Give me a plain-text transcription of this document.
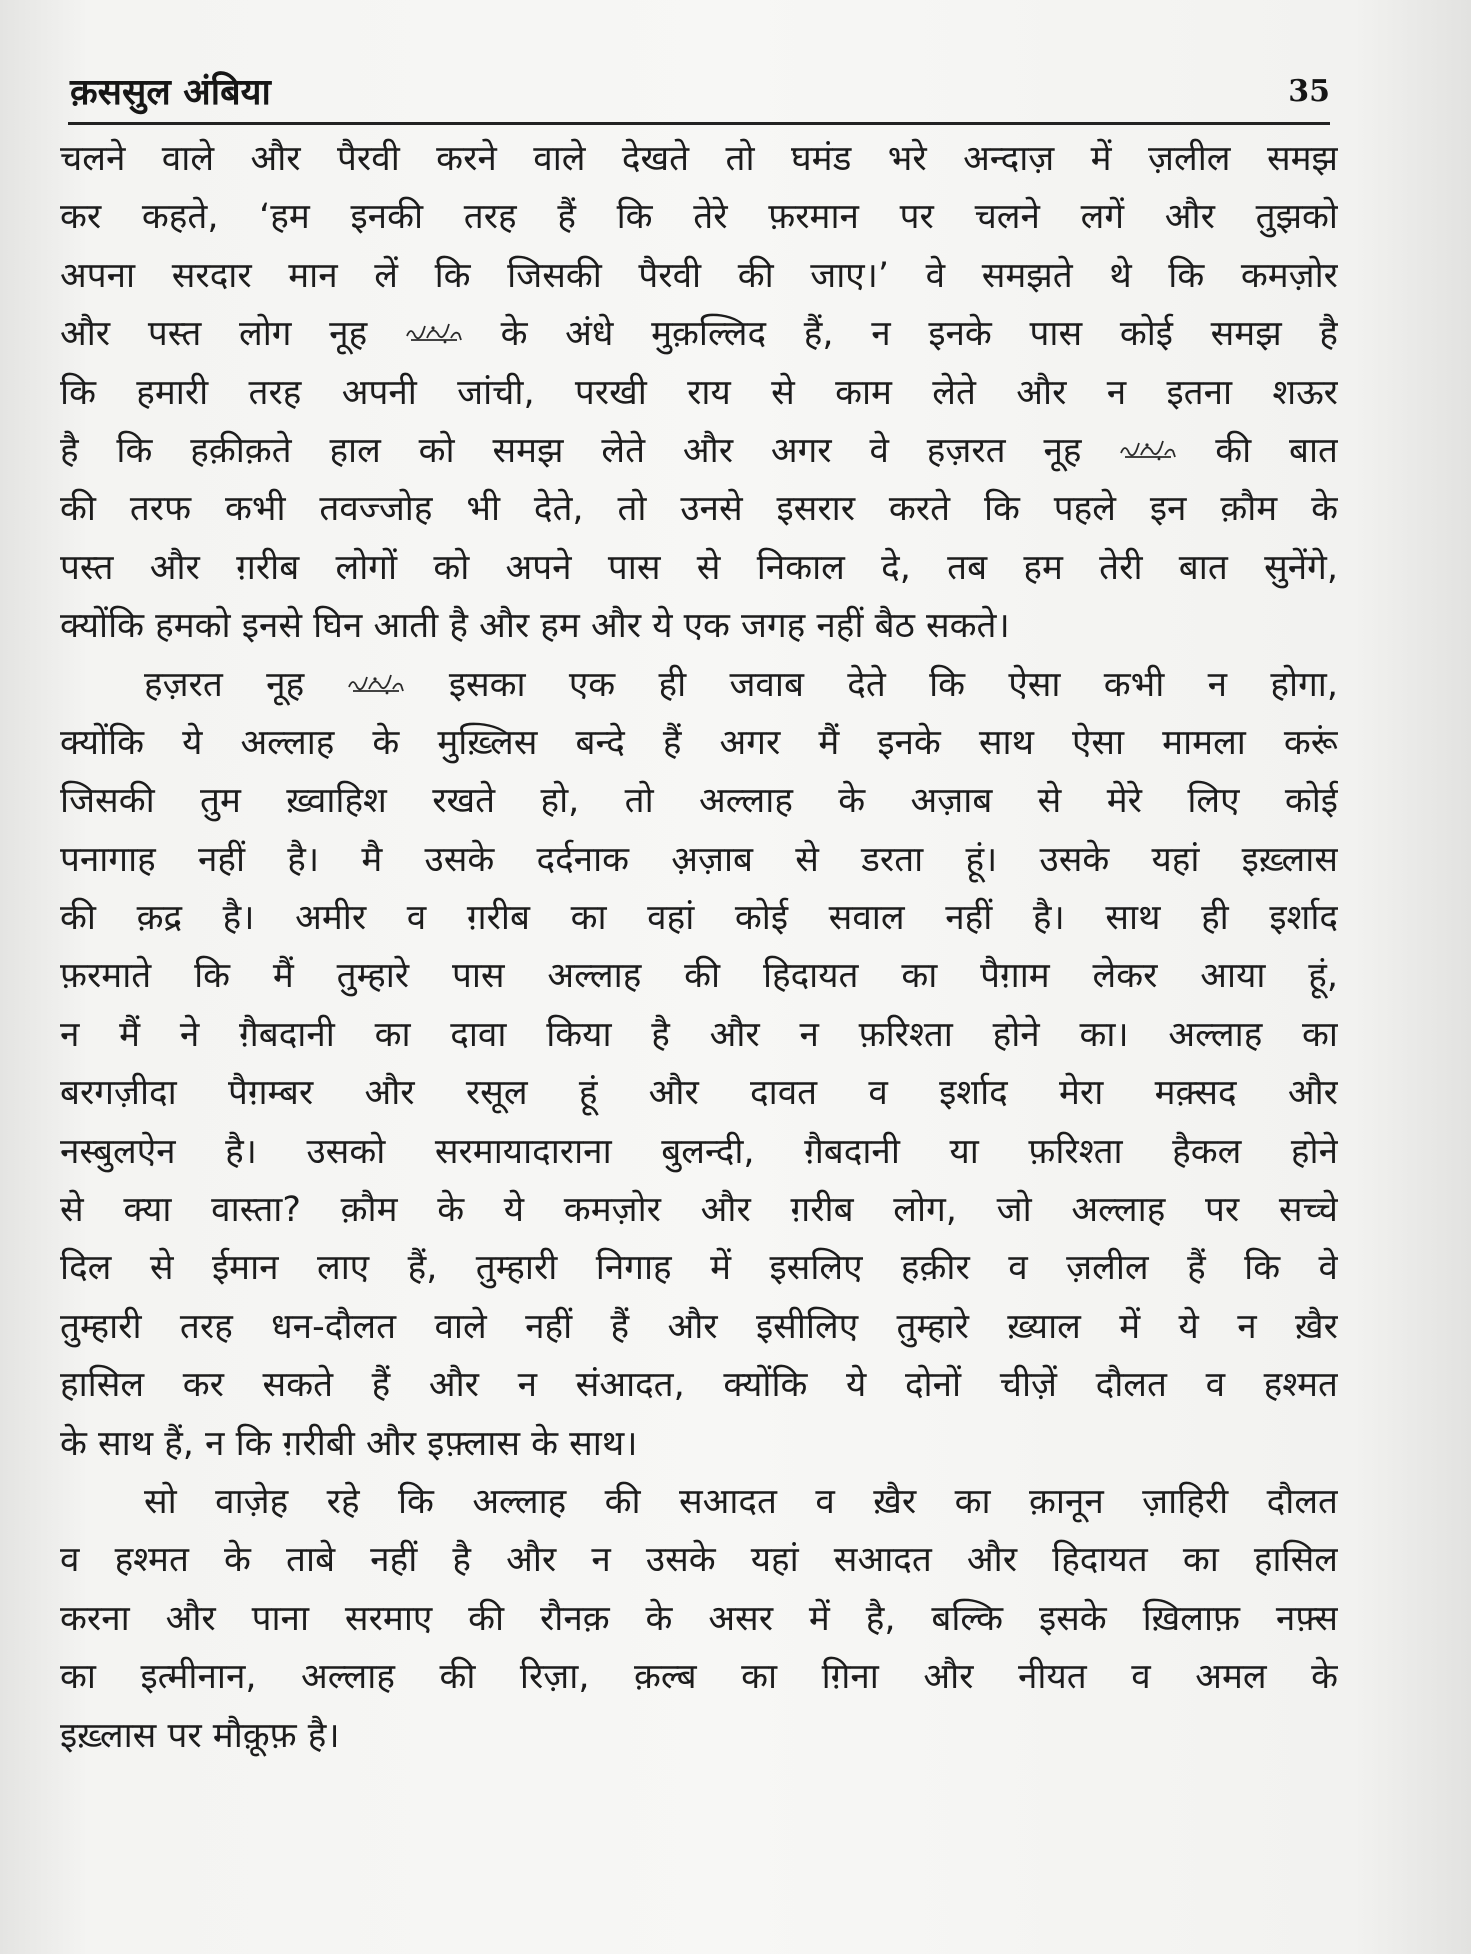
क़ससुल अंबिया	35
चलने वाले और पैरवी करने वाले देखते तो घमंड भरे अन्दाज़ में ज़लील समझ
कर कहते, ‘हम इनकी तरह हैं कि तेरे फ़रमान पर चलने लगें और तुझको
अपना सरदार मान लें कि जिसकी पैरवी की जाए।’ वे समझते थे कि कमज़ोर
और पस्त लोग नूह	के अंधे मुक़ल्लिद हैं, न इनके पास कोई समझ है
कि हमारी तरह अपनी जांची, परखी राय से काम लेते और न इतना शऊर
है कि हक़ीक़ते हाल को समझ लेते और अगर वे हज़रत नूह	की बात
की तरफ कभी तवज्जोह भी देते, तो उनसे इसरार करते कि पहले इन क़ौम के
पस्त और ग़रीब लोगों को अपने पास से निकाल दे, तब हम तेरी बात सुनेंगे,
क्योंकि हमको इनसे घिन आती है और हम और ये एक जगह नहीं बैठ सकते।
हज़रत नूह	इसका एक ही जवाब देते कि ऐसा कभी न होगा,
क्योंकि ये अल्लाह के मुख़्लिस बन्दे हैं अगर मैं इनके साथ ऐसा मामला करूं
जिसकी तुम ख़्वाहिश रखते हो, तो अल्लाह के अज़ाब से मेरे लिए कोई
पनागाह नहीं है। मै उसके दर्दनाक अ़ज़ाब से डरता हूं। उसके यहां इख़्लास
की क़द्र है। अमीर व ग़रीब का वहां कोई सवाल नहीं है। साथ ही इर्शाद
फ़रमाते कि मैं तुम्हारे पास अल्लाह की हिदायत का पैग़ाम लेकर आया हूं,
न मैं ने ग़ैबदानी का दावा किया है और न फ़रिश्ता होने का। अल्लाह का
बरगज़ीदा पैग़म्बर और रसूल हूं और दावत व इर्शाद मेरा मक़्सद और
नस्बुलऐन है। उसको सरमायादाराना बुलन्दी, ग़ैबदानी या फ़रिश्ता हैकल होने
से क्या वास्ता? क़ौम के ये कमज़ोर और ग़रीब लोग, जो अल्लाह पर सच्चे
दिल से ईमान लाए हैं, तुम्हारी निगाह में इसलिए हक़ीर व ज़लील हैं कि वे
तुम्हारी तरह धन-दौलत वाले नहीं हैं और इसीलिए तुम्हारे ख़्याल में ये न ख़ैर
हासिल कर सकते हैं और न संआदत, क्योंकि ये दोनों चीज़ें दौलत व हश्मत
के साथ हैं, न कि ग़रीबी और इफ़्लास के साथ।
सो वाज़ेह रहे कि अल्लाह की सआदत व ख़ैर का क़ानून ज़ाहिरी दौलत
व हश्मत के ताबे नहीं है और न उसके यहां सआदत और हिदायत का हासिल
करना और पाना सरमाए की रौनक़ के असर में है, बल्कि इसके ख़िलाफ़ नफ़्स
का इत्मीनान, अल्लाह की रिज़ा, क़ल्ब का ग़िना और नीयत व अमल के
इख़्लास पर मौक़ूफ़ है।
